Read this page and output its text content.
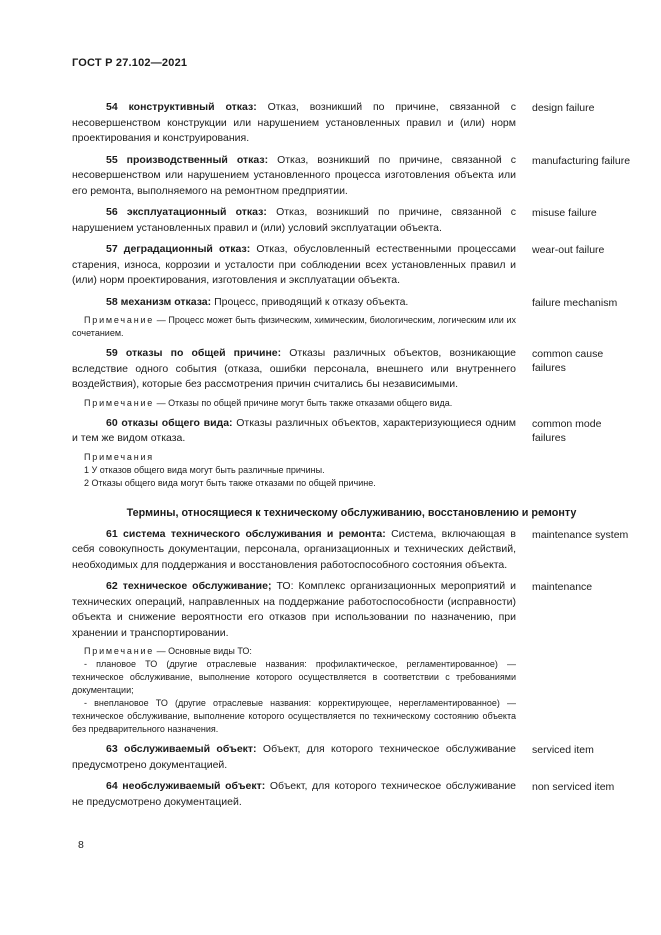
ГОСТ Р 27.102—2021

54 конструктивный отказ: Отказ, возникший по причине, связанной с несовершенством конструкции или нарушением установленных правил и (или) норм проектирования и конструирования.

design failure

55 производственный отказ: Отказ, возникший по причине, связанной с несовершенством или нарушением установленного процесса изготовления объекта или его ремонта, выполняемого на ремонтном предприятии.

manufacturing failure

56 эксплуатационный отказ: Отказ, возникший по причине, связанной с нарушением установленных правил и (или) условий эксплуатации объекта.

misuse failure

57 деградационный отказ: Отказ, обусловленный естественными процессами старения, износа, коррозии и усталости при соблюдении всех установленных правил и (или) норм проектирования, изготовления и эксплуатации объекта.

wear-out failure

58 механизм отказа: Процесс, приводящий к отказу объекта.

Примечание — Процесс может быть физическим, химическим, биологическим, логическим или их сочетанием.

failure mechanism

59 отказы по общей причине: Отказы различных объектов, возникающие вследствие одного события (отказа, ошибки персонала, внешнего или внутреннего воздействия), которые без рассмотрения причин считались бы независимыми.

Примечание — Отказы по общей причине могут быть также отказами общего вида.

common cause failures

60 отказы общего вида: Отказы различных объектов, характеризующиеся одним и тем же видом отказа.

Примечания

1 У отказов общего вида могут быть различные причины.

2 Отказы общего вида могут быть также отказами по общей причине.

common mode failures

Термины, относящиеся к техническому обслуживанию, восстановлению и ремонту

61 система технического обслуживания и ремонта: Система, включающая в себя совокупность документации, персонала, организационных и технических действий, необходимых для поддержания и восстановления работоспособного состояния объекта.

maintenance system

62 техническое обслуживание; ТО: Комплекс организационных мероприятий и технических операций, направленных на поддержание работоспособности (исправности) объекта и снижение вероятности его отказов при использовании по назначению, при хранении и транспортировании.

Примечание — Основные виды ТО:

- плановое ТО (другие отраслевые названия: профилактическое, регламентированное) — техническое обслуживание, выполнение которого осуществляется в соответствии с требованиями документации;

- внеплановое ТО (другие отраслевые названия: корректирующее, нерегламентированное) — техническое обслуживание, выполнение которого осуществляется по техническому состоянию объекта без предварительного назначения.

maintenance

63 обслуживаемый объект: Объект, для которого техническое обслуживание предусмотрено документацией.

serviced item

64 необслуживаемый объект: Объект, для которого техническое обслуживание не предусмотрено документацией.

non serviced item
8
